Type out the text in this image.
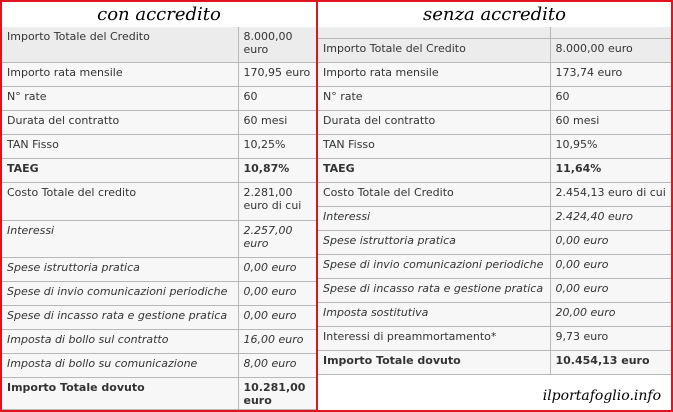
con accredito
Importo Totale del Credito	8.000,00 euro
Importo rata mensile	170,95 euro
N° rate	60
Durata del contratto	60 mesi
TAN Fisso	10,25%
TAEG	10,87%
Costo Totale del credito	2.281,00 euro di cui
Interessi	2.257,00 euro
Spese istruttoria pratica	0,00 euro
Spese di invio comunicazioni periodiche	0,00 euro
Spese di incasso rata e gestione pratica	0,00 euro
Imposta di bollo sul contratto	16,00 euro
Imposta di bollo su comunicazione	8,00 euro
Importo Totale dovuto	10.281,00 euro
senza accredito

Importo Totale del Credito	8.000,00 euro
Importo rata mensile	173,74 euro
N° rate	60
Durata del contratto	60 mesi
TAN Fisso	10,95%
TAEG	11,64%
Costo Totale del Credito	2.454,13 euro di cui
Interessi	2.424,40 euro
Spese istruttoria pratica	0,00 euro
Spese di invio comunicazioni periodiche	0,00 euro
Spese di incasso rata e gestione pratica	0,00 euro
Imposta sostitutiva	20,00 euro
Interessi di preammortamento*	9,73 euro
Importo Totale dovuto	10.454,13 euro
ilportafoglio.info
